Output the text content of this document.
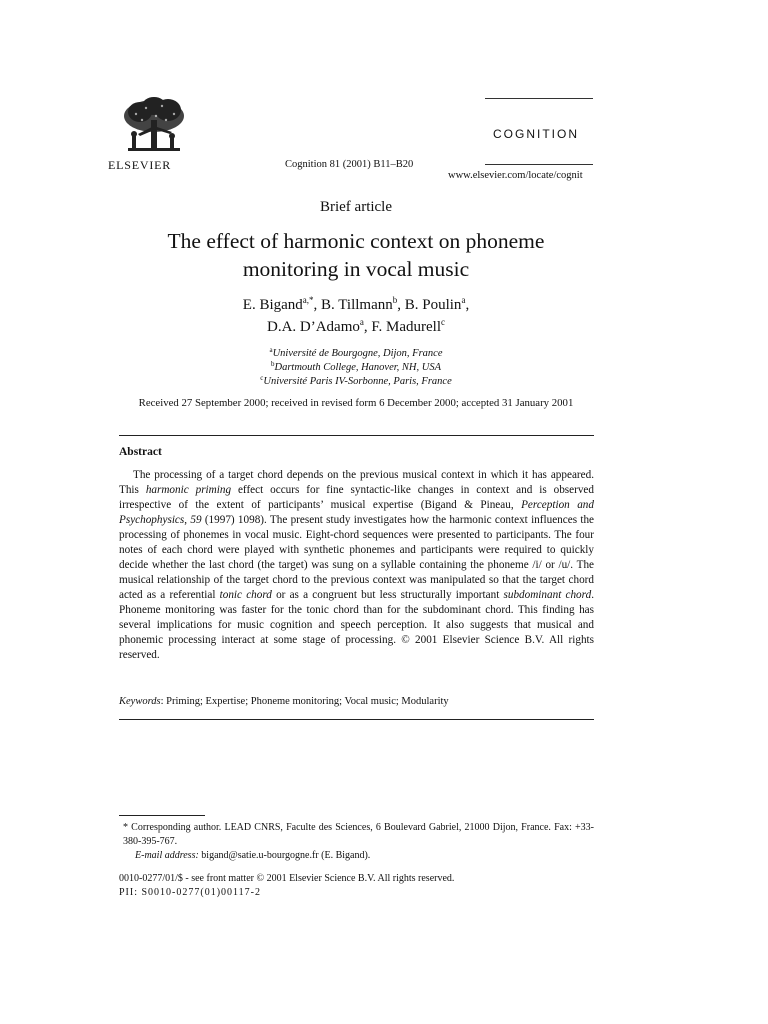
ELSEVIER	Cognition 81 (2001) B11–B20
COGNITION
www.elsevier.com/locate/cognit
Brief article
The effect of harmonic context on phoneme
monitoring in vocal music
E. Bigand$^{a,*}$, B. Tillmann$^b$, B. Poulin$^a$,
D.A. D’Adamo$^a$, F. Madurell$^c$
$^a$Université de Bourgogne, Dijon, France
$^b$Dartmouth College, Hanover, NH, USA
$^c$Université Paris IV-Sorbonne, Paris, France
Received 27 September 2000; received in revised form 6 December 2000; accepted 31 January 2001
Abstract
The processing of a target chord depends on the previous musical context in which it has appeared. This harmonic priming effect occurs for fine syntactic-like changes in context and is observed irrespective of the extent of participants’ musical expertise (Bigand & Pineau, Perception and Psychophysics, 59 (1997) 1098). The present study investigates how the harmonic context influences the processing of phonemes in vocal music. Eight-chord sequences were presented to participants. The four notes of each chord were played with synthetic phonemes and participants were required to quickly decide whether the last chord (the target) was sung on a syllable containing the phoneme /i/ or /u/. The musical relationship of the target chord to the previous context was manipulated so that the target chord acted as a referential tonic chord or as a congruent but less structurally important subdominant chord. Phoneme monitoring was faster for the tonic chord than for the subdominant chord. This finding has several implications for music cognition and speech perception. It also suggests that musical and phonemic processing interact at some stage of processing. © 2001 Elsevier Science B.V. All rights reserved.
Keywords: Priming; Expertise; Phoneme monitoring; Vocal music; Modularity
* Corresponding author. LEAD CNRS, Faculte des Sciences, 6 Boulevard Gabriel, 21000 Dijon, France. Fax: +33-380-395-767.
E-mail address: bigand@satie.u-bourgogne.fr (E. Bigand).
0010-0277/01/$ - see front matter © 2001 Elsevier Science B.V. All rights reserved.
PII: S0010-0277(01)00117-2
